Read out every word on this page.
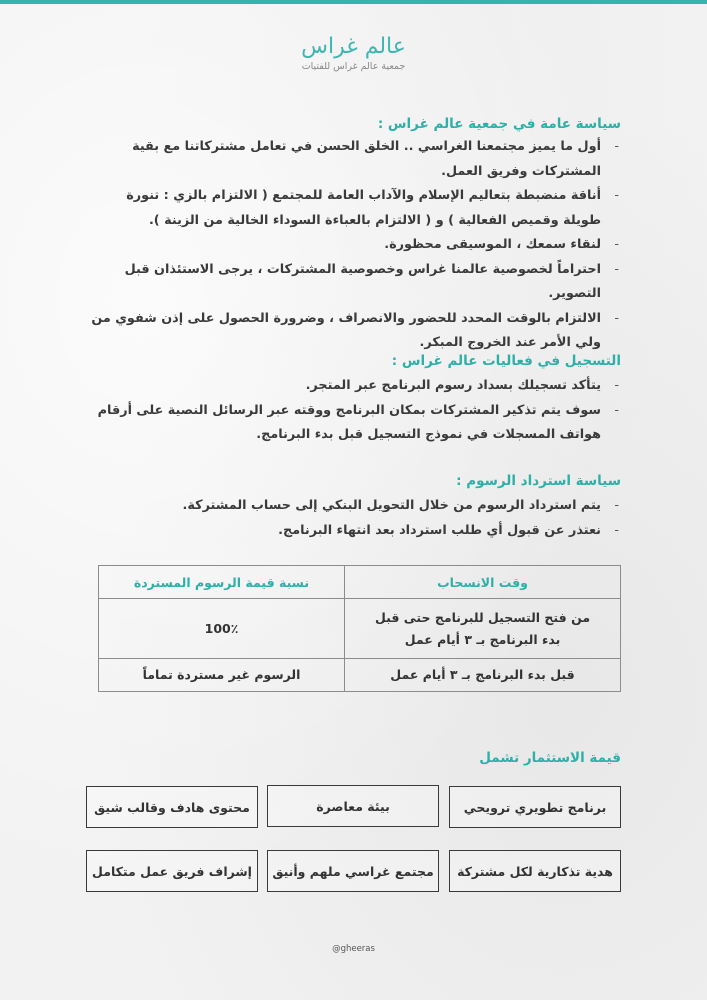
عالم غراس
جمعية عالم غراس للفتيات
سياسة عامة في جمعية عالم غراس :
- أول ما يميز مجتمعنا الغراسي .. الخلق الحسن في تعامل مشتركاتنا مع بقية المشتركات وفريق العمل.
- أناقة منضبطة بتعاليم الإسلام والآداب العامة للمجتمع ( الالتزام بالزي : تنورة طويلة وقميص الفعالية ) و ( الالتزام بالعباءة السوداء الخالية من الزينة ).
- لنقاء سمعك ، الموسيقى محظورة.
- احتراماً لخصوصية عالمنا غراس وخصوصية المشتركات ، يرجى الاستئذان قبل التصوير.
- الالتزام بالوقت المحدد للحضور والانصراف ، وضرورة الحصول على إذن شفوي من ولي الأمر عند الخروج المبكر.
التسجيل في فعاليات عالم غراس :
- يتأكد تسجيلك بسداد رسوم البرنامج عبر المتجر.
- سوف يتم تذكير المشتركات بمكان البرنامج ووقته عبر الرسائل النصية على أرقام هواتف المسجلات في نموذج التسجيل قبل بدء البرنامج.
سياسة استرداد الرسوم :
- يتم استرداد الرسوم من خلال التحويل البنكي إلى حساب المشتركة.
- نعتذر عن قبول أي طلب استرداد بعد انتهاء البرنامج.
وقت الانسحاب	نسبة قيمة الرسوم المستردة
من فتح التسجيل للبرنامج حتى قبل بدء البرنامج بـ ٣ أيام عمل	100٪
قبل بدء البرنامج بـ ٣ أيام عمل	الرسوم غير مستردة تماماً
قيمة الاستثمار تشمل
برنامج تطويري ترويحي
بيئة معاصرة
محتوى هادف وقالب شيق
هدية تذكارية لكل مشتركة
مجتمع غراسي ملهم وأنيق
إشراف فريق عمل متكامل
@gheeras
